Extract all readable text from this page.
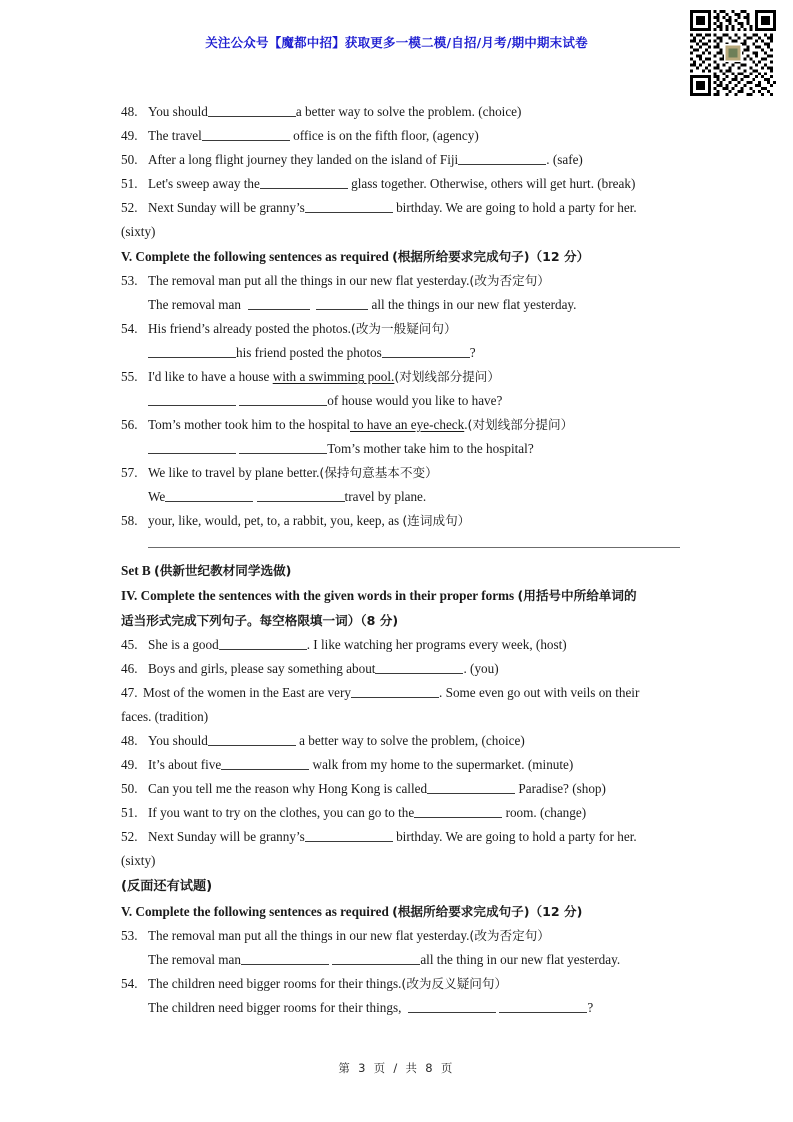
关注公众号【魔都中招】获取更多一模二模/自招/月考/期中期末试卷
48. You should	a better way to solve the problem. (choice)
49. The travel	office is on the fifth floor, (agency)
50. After a long flight journey they landed on the island of Fiji	. (safe)
51. Let's sweep away the	glass together. Otherwise, others will get hurt. (break)
52. Next Sunday will be granny’s	birthday. We are going to hold a party for her.
(sixty)
V. Complete the following sentences as required (根据所给要求完成句子)（12 分）
53. The removal man put all the things in our new flat yesterday.(改为否定句）
The removal man	all the things in our new flat yesterday.
54. His friend’s already posted the photos.(改为一般疑问句）
his friend posted the photos	?
55. I'd like to have a house with a swimming pool.(对划线部分提问）
of house would you like to have?
56. Tom’s mother took him to the hospital to have an eye-check.(对划线部分提问）
Tom’s mother take him to the hospital?
57. We like to travel by plane better.(保持句意基本不变）
We	travel by plane.
58. your, like, would, pet, to, a rabbit, you, keep, as (连词成句）
Set B (供新世纪教材同学选做)
IV. Complete the sentences with the given words in their proper forms (用括号中所给单词的
适当形式完成下列句子。每空格限填一词）（8 分)
45. She is a good	. I like watching her programs every week, (host)
46. Boys and girls, please say something about	. (you)
47. Most of the women in the East are very	. Some even go out with veils on their
faces. (tradition)
48. You should	a better way to solve the problem, (choice)
49. It’s about five	walk from my home to the supermarket. (minute)
50. Can you tell me the reason why Hong Kong is called	Paradise? (shop)
51. If you want to try on the clothes, you can go to the	room. (change)
52. Next Sunday will be granny’s	birthday. We are going to hold a party for her.
(sixty)
(反面还有试题)
V. Complete the following sentences as required (根据所给要求完成句子)（12 分)
53. The removal man put all the things in our new flat yesterday.(改为否定句）
The removal man	all the thing in our new flat yesterday.
54. The children need bigger rooms for their things.(改为反义疑问句）
The children need bigger rooms for their things,	?
第 3 页 / 共 8 页
